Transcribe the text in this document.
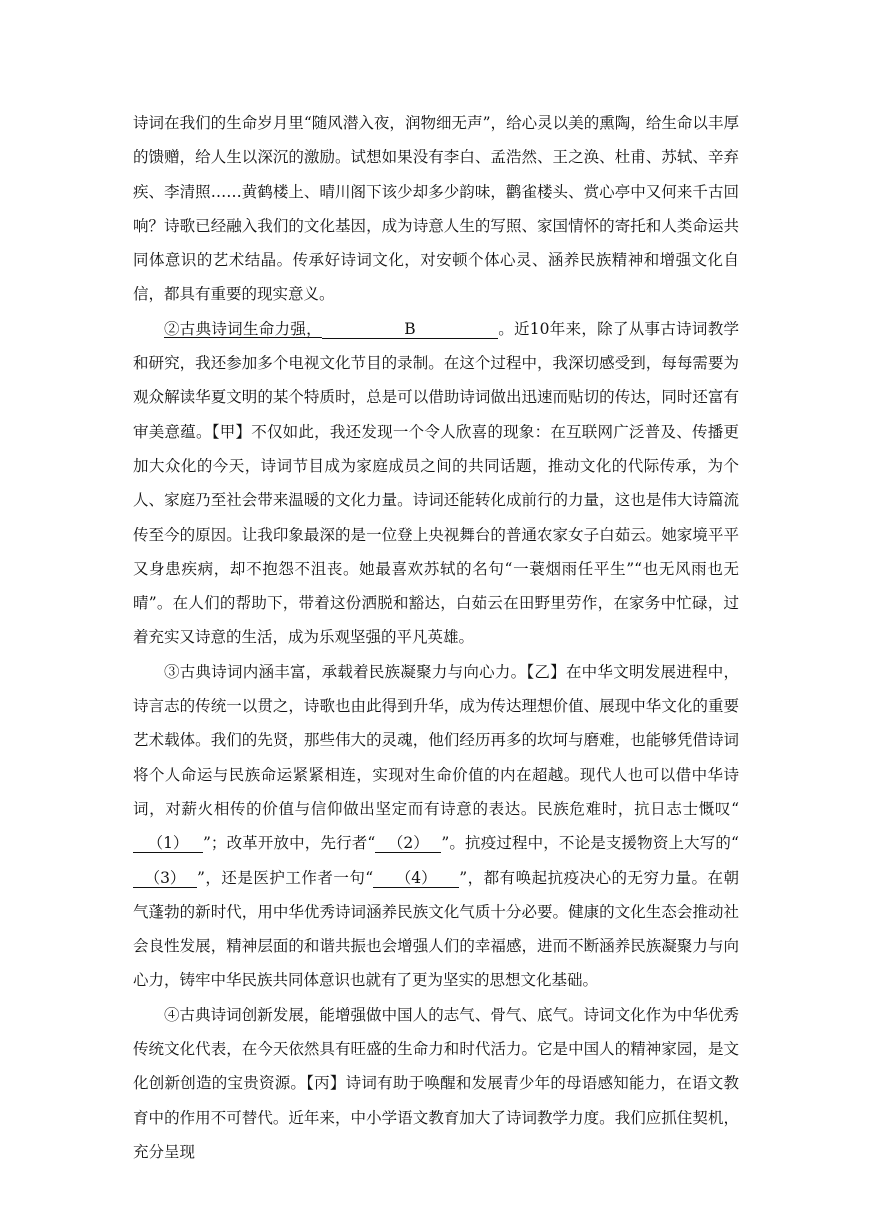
诗词在我们的生命岁月里“随风潜入夜，润物细无声”，给心灵以美的熏陶，给生命以丰厚的馈赠，给人生以深沉的激励。试想如果没有李白、孟浩然、王之涣、杜甫、苏轼、辛弃疾、李清照……黄鹤楼上、晴川阁下该少却多少韵味，鹳雀楼头、赏心亭中又何来千古回响？诗歌已经融入我们的文化基因，成为诗意人生的写照、家国情怀的寄托和人类命运共同体意识的艺术结晶。传承好诗词文化，对安顿个体心灵、涵养民族精神和增强文化自信，都具有重要的现实意义。

②古典诗词生命力强，	B	。近10年来，除了从事古诗词教学和研究，我还参加多个电视文化节目的录制。在这个过程中，我深切感受到，每每需要为观众解读华夏文明的某个特质时，总是可以借助诗词做出迅速而贴切的传达，同时还富有审美意蕴。【甲】不仅如此，我还发现一个令人欣喜的现象：在互联网广泛普及、传播更加大众化的今天，诗词节目成为家庭成员之间的共同话题，推动文化的代际传承，为个人、家庭乃至社会带来温暖的文化力量。诗词还能转化成前行的力量，这也是伟大诗篇流传至今的原因。让我印象最深的是一位登上央视舞台的普通农家女子白茹云。她家境平平又身患疾病，却不抱怨不沮丧。她最喜欢苏轼的名句“一蓑烟雨任平生”“也无风雨也无晴”。在人们的帮助下，带着这份洒脱和豁达，白茹云在田野里劳作，在家务中忙碌，过着充实又诗意的生活，成为乐观坚强的平凡英雄。

③古典诗词内涵丰富，承载着民族凝聚力与向心力。【乙】在中华文明发展进程中，诗言志的传统一以贯之，诗歌也由此得到升华，成为传达理想价值、展现中华文化的重要艺术载体。我们的先贤，那些伟大的灵魂，他们经历再多的坎坷与磨难，也能够凭借诗词将个人命运与民族命运紧紧相连，实现对生命价值的内在超越。现代人也可以借中华诗词，对薪火相传的价值与信仰做出坚定而有诗意的表达。民族危难时，抗日志士慨叹“（1） ”；改革开放中，先行者“ （2） ”。抗疫过程中，不论是支援物资上大写的“（3） ”，还是医护工作者一句“ （4） ”，都有唤起抗疫决心的无穷力量。在朝气蓬勃的新时代，用中华优秀诗词涵养民族文化气质十分必要。健康的文化生态会推动社会良性发展，精神层面的和谐共振也会增强人们的幸福感，进而不断涵养民族凝聚力与向心力，铸牢中华民族共同体意识也就有了更为坚实的思想文化基础。

④古典诗词创新发展，能增强做中国人的志气、骨气、底气。诗词文化作为中华优秀传统文化代表，在今天依然具有旺盛的生命力和时代活力。它是中国人的精神家园，是文化创新创造的宝贵资源。【丙】诗词有助于唤醒和发展青少年的母语感知能力，在语文教育中的作用不可替代。近年来，中小学语文教育加大了诗词教学力度。我们应抓住契机，充分呈现
